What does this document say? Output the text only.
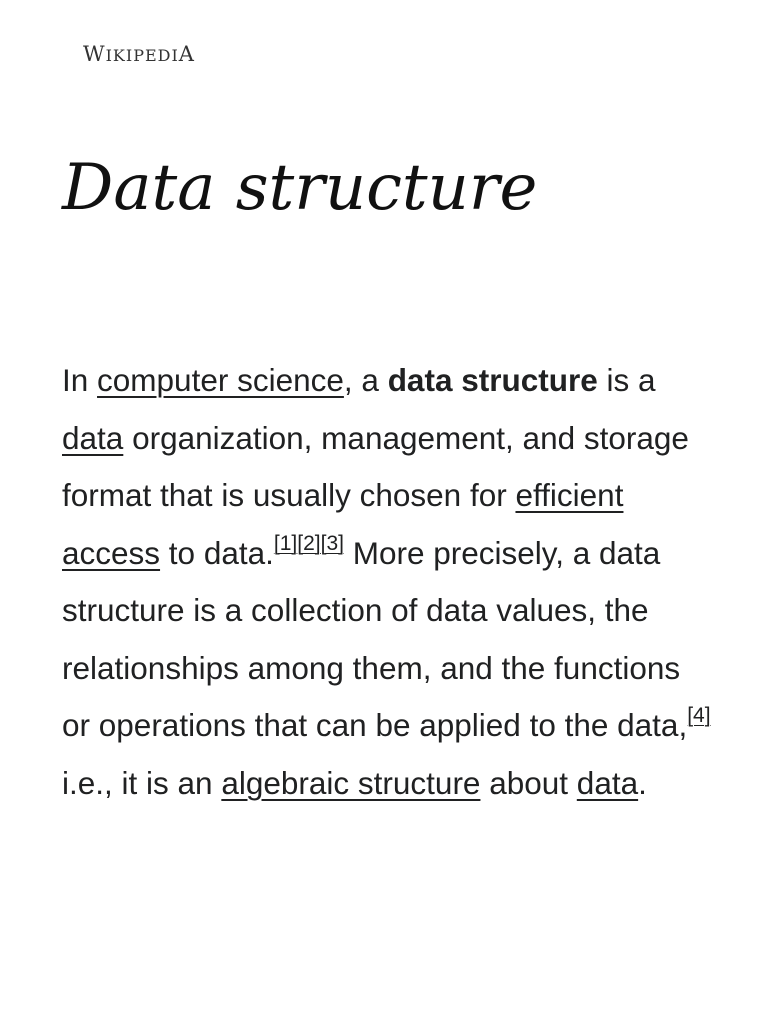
WIKIPEDIA
Data structure

In computer science, a data structure is a data organization, management, and storage format that is usually chosen for efficient access to data.[1][2][3] More precisely, a data structure is a collection of data values, the relationships among them, and the functions or operations that can be applied to the data,[4] i.e., it is an algebraic structure about data.
